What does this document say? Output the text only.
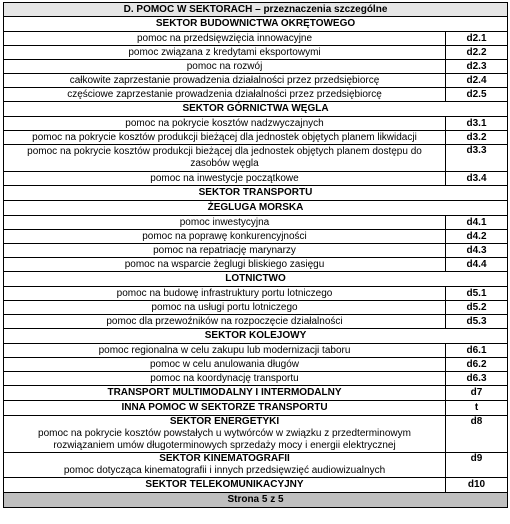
D. POMOC W SEKTORACH – przeznaczenia szczególne	
SEKTOR BUDOWNICTWA OKRĘTOWEGO	
pomoc na przedsięwzięcia innowacyjne	d2.1
pomoc związana z kredytami eksportowymi	d2.2
pomoc na rozwój	d2.3
całkowite zaprzestanie prowadzenia działalności przez przedsiębiorcę	d2.4
częściowe zaprzestanie prowadzenia działalności przez przedsiębiorcę	d2.5
SEKTOR GÓRNICTWA WĘGLA	
pomoc na pokrycie kosztów nadzwyczajnych	d3.1
pomoc na pokrycie kosztów produkcji bieżącej dla jednostek objętych planem likwidacji	d3.2
pomoc na pokrycie kosztów produkcji bieżącej dla jednostek objętych planem dostępu do zasobów węgla	d3.3
pomoc na inwestycje początkowe	d3.4
SEKTOR TRANSPORTU	
ŻEGLUGA MORSKA	
pomoc inwestycyjna	d4.1
pomoc na poprawę konkurencyjności	d4.2
pomoc na repatriację marynarzy	d4.3
pomoc na wsparcie żeglugi bliskiego zasięgu	d4.4
LOTNICTWO	
pomoc na budowę infrastruktury portu lotniczego	d5.1
pomoc na usługi portu lotniczego	d5.2
pomoc dla przewoźników na rozpoczęcie działalności	d5.3
SEKTOR KOLEJOWY	
pomoc regionalna w celu zakupu lub modernizacji taboru	d6.1
pomoc w celu anulowania długów	d6.2
pomoc na koordynację transportu	d6.3
TRANSPORT MULTIMODALNY I INTERMODALNY	d7
INNA POMOC W SEKTORZE TRANSPORTU	t

SEKTOR ENERGETYKI
pomoc na pokrycie kosztów powstałych u wytwórców w związku z przedterminowym rozwiązaniem umów długoterminowych sprzedaży mocy i energii elektrycznej	d8

SEKTOR KINEMATOGRAFII
pomoc dotycząca kinematografii i innych przedsięwzięć audiowizualnych	d9
SEKTOR TELEKOMUNIKACYJNY	d10
Strona 5 z 5	
